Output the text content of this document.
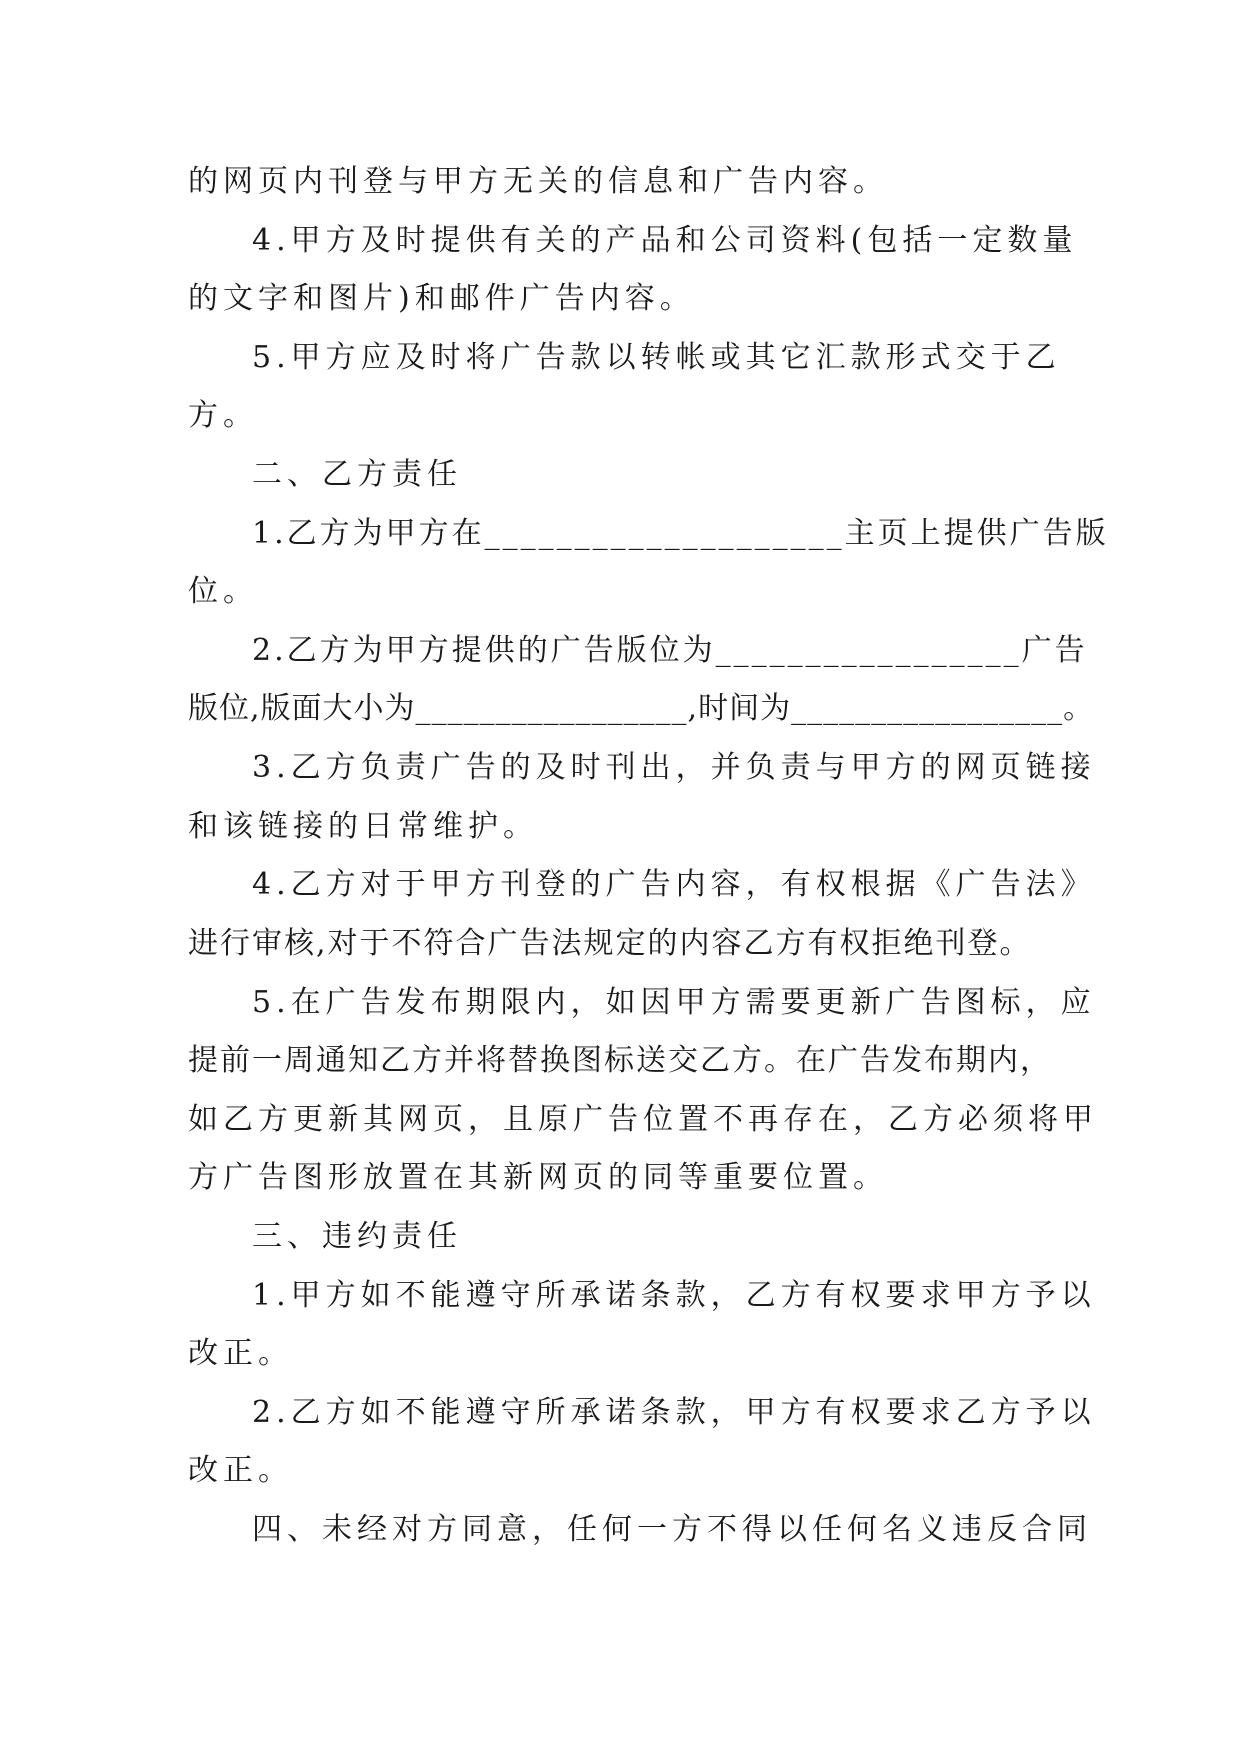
的网页内刊登与甲方无关的信息和广告内容。
4.甲方及时提供有关的产品和公司资料(包括一定数量
的文字和图片)和邮件广告内容。
5.甲方应及时将广告款以转帐或其它汇款形式交于乙
方。
二、乙方责任
1.乙方为甲方在____________________主页上提供广告版
位。
2.乙方为甲方提供的广告版位为_________________广告
版位,版面大小为_________________,时间为_________________。
3.乙方负责广告的及时刊出，并负责与甲方的网页链接
和该链接的日常维护。
4.乙方对于甲方刊登的广告内容，有权根据《广告法》
进行审核,对于不符合广告法规定的内容乙方有权拒绝刊登。
5.在广告发布期限内，如因甲方需要更新广告图标，应
提前一周通知乙方并将替换图标送交乙方。在广告发布期内，
如乙方更新其网页，且原广告位置不再存在，乙方必须将甲
方广告图形放置在其新网页的同等重要位置。
三、违约责任
1.甲方如不能遵守所承诺条款，乙方有权要求甲方予以
改正。
2.乙方如不能遵守所承诺条款，甲方有权要求乙方予以
改正。
四、未经对方同意，任何一方不得以任何名义违反合同
